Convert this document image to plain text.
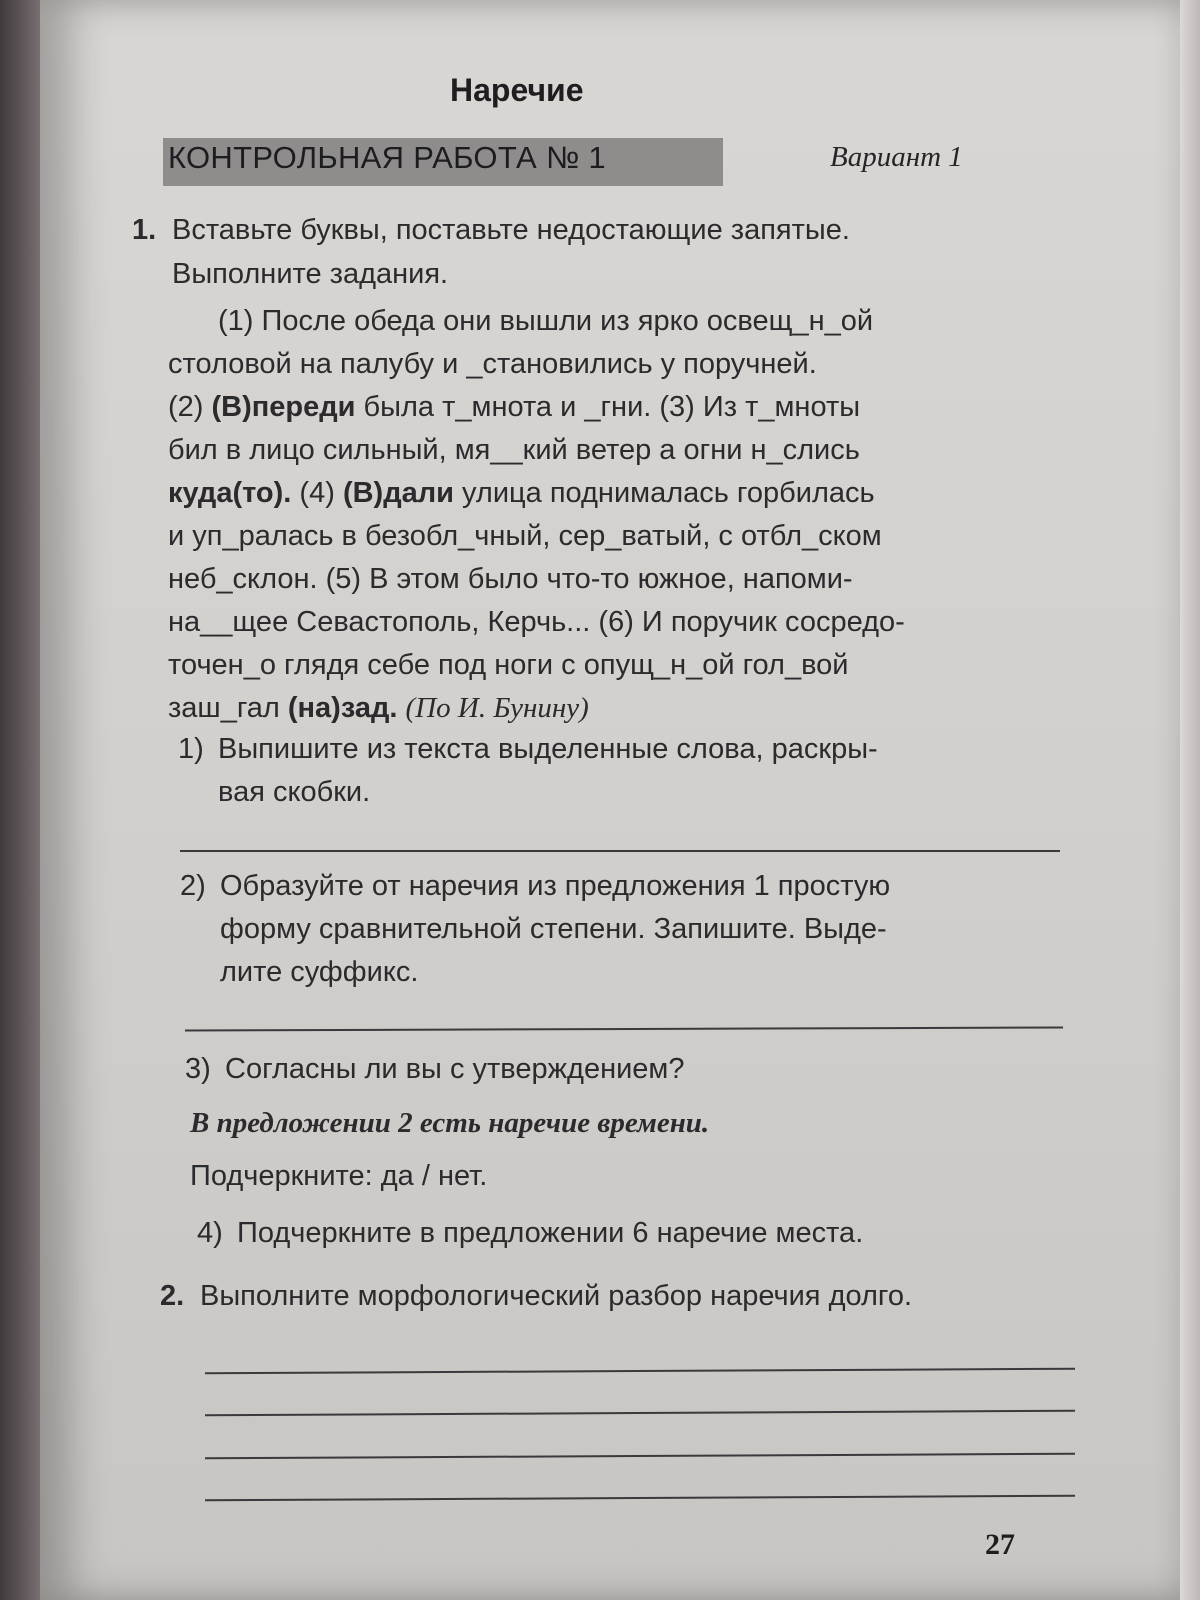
Наречие
КОНТРОЛЬНАЯ РАБОТА № 1	Вариант 1
1. Вставьте буквы, поставьте недостающие запятые.
Выполните задания.
(1) После обеда они вышли из ярко освещ_н_ой
столовой на палубу и _становились у поручней.
(2) (В)переди была т_мнота и _гни. (3) Из т_мноты
бил в лицо сильный, мя__кий ветер а огни н_слись
куда(то). (4) (В)дали улица поднималась горбилась
и уп_ралась в безобл_чный, сер_ватый, с отбл_ском
неб_склон. (5) В этом было что-то южное, напоми-
на__щее Севастополь, Керчь... (6) И поручик сосредо-
точен_о глядя себе под ноги с опущ_н_ой гол_вой
заш_гал (на)зад. (По И. Бунину)
1) Выпишите из текста выделенные слова, раскры-
вая скобки.
2) Образуйте от наречия из предложения 1 простую
форму сравнительной степени. Запишите. Выде-
лите суффикс.
3) Согласны ли вы с утверждением?
В предложении 2 есть наречие времени.
Подчеркните: да / нет.
4) Подчеркните в предложении 6 наречие места.
2. Выполните морфологический разбор наречия долго.
27
